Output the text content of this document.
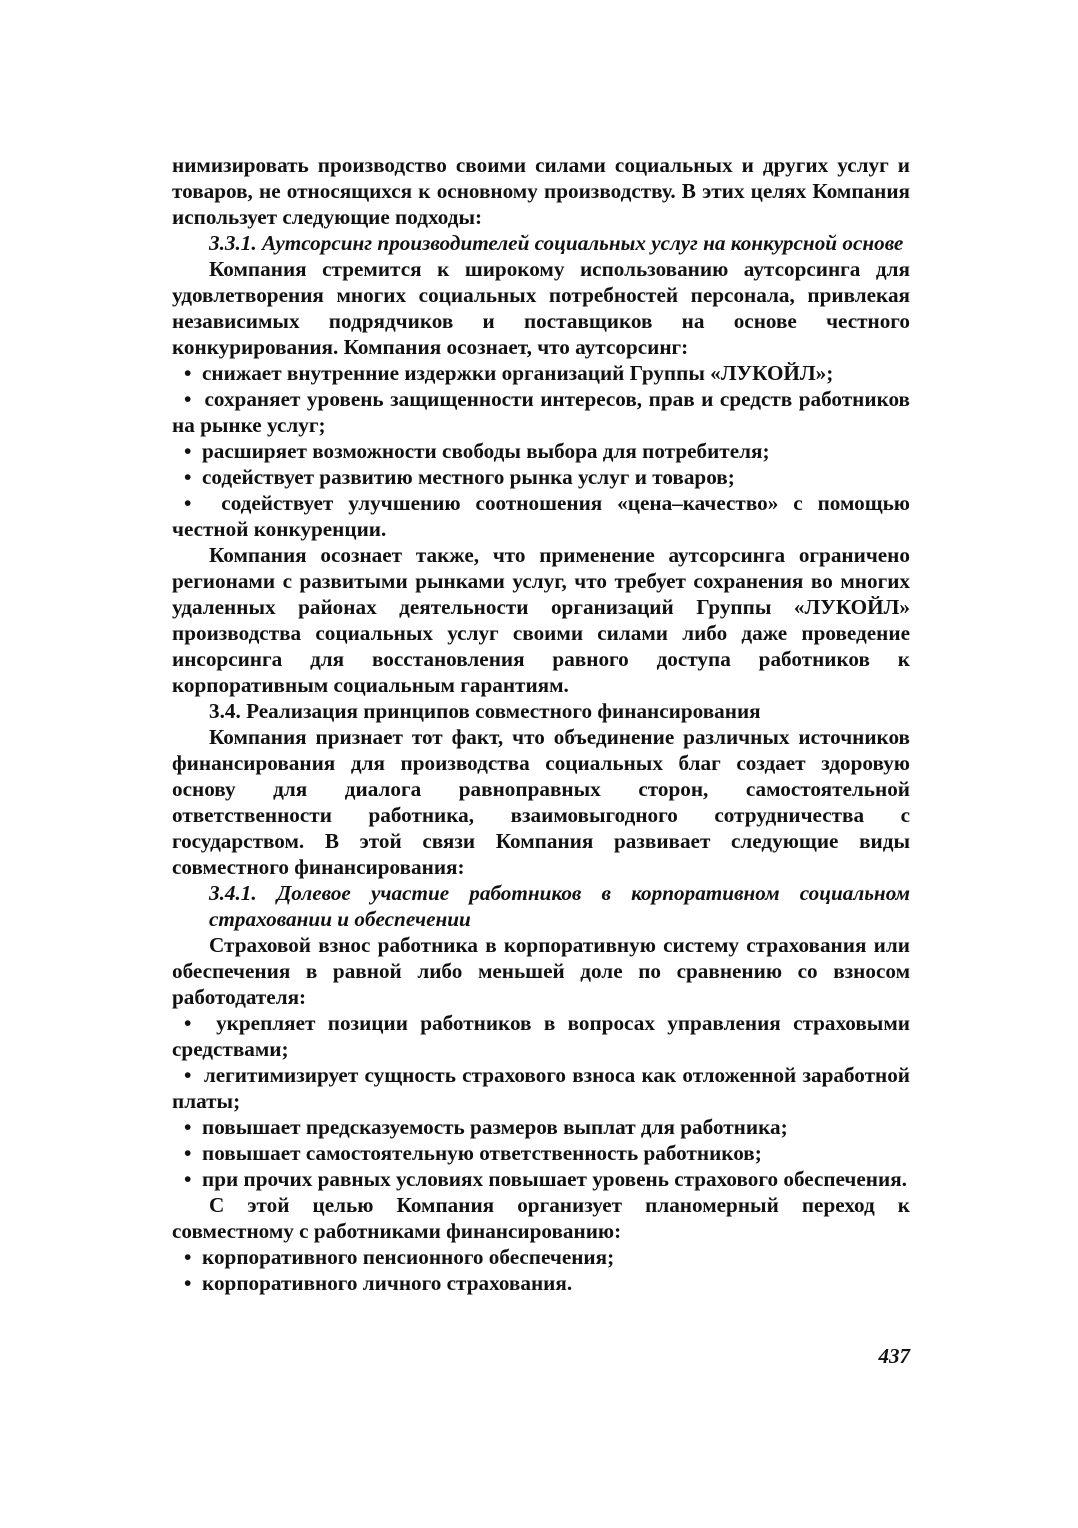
нимизировать производство своими силами социальных и других услуг и товаров, не относящихся к основному производству. В этих целях Компания использует следующие подходы:

3.3.1. Аутсорсинг производителей социальных услуг на конкурсной основе

Компания стремится к широкому использованию аутсорсинга для удовлетворения многих социальных потребностей персонала, привлекая независимых подрядчиков и поставщиков на основе честного конкурирования. Компания осознает, что аутсорсинг:

• снижает внутренние издержки организаций Группы «ЛУКОЙЛ»;

• сохраняет уровень защищенности интересов, прав и средств работников на рынке услуг;

• расширяет возможности свободы выбора для потребителя;

• содействует развитию местного рынка услуг и товаров;

• содействует улучшению соотношения «цена–качество» с помощью честной конкуренции.

Компания осознает также, что применение аутсорсинга ограничено регионами с развитыми рынками услуг, что требует сохранения во многих удаленных районах деятельности организаций Группы «ЛУКОЙЛ» производства социальных услуг своими силами либо даже проведение инсорсинга для восстановления равного доступа работников к корпоративным социальным гарантиям.

3.4. Реализация принципов совместного финансирования

Компания признает тот факт, что объединение различных источников финансирования для производства социальных благ создает здоровую основу для диалога равноправных сторон, самостоятельной ответственности работника, взаимовыгодного сотрудничества с государством. В этой связи Компания развивает следующие виды совместного финансирования:

3.4.1. Долевое участие работников в корпоративном социальном страховании и обеспечении

Страховой взнос работника в корпоративную систему страхования или обеспечения в равной либо меньшей доле по сравнению со взносом работодателя:

• укрепляет позиции работников в вопросах управления страховыми средствами;

• легитимизирует сущность страхового взноса как отложенной заработной платы;

• повышает предсказуемость размеров выплат для работника;

• повышает самостоятельную ответственность работников;

• при прочих равных условиях повышает уровень страхового обеспечения.

С этой целью Компания организует планомерный переход к совместному с работниками финансированию:

• корпоративного пенсионного обеспечения;

• корпоративного личного страхования.

437
